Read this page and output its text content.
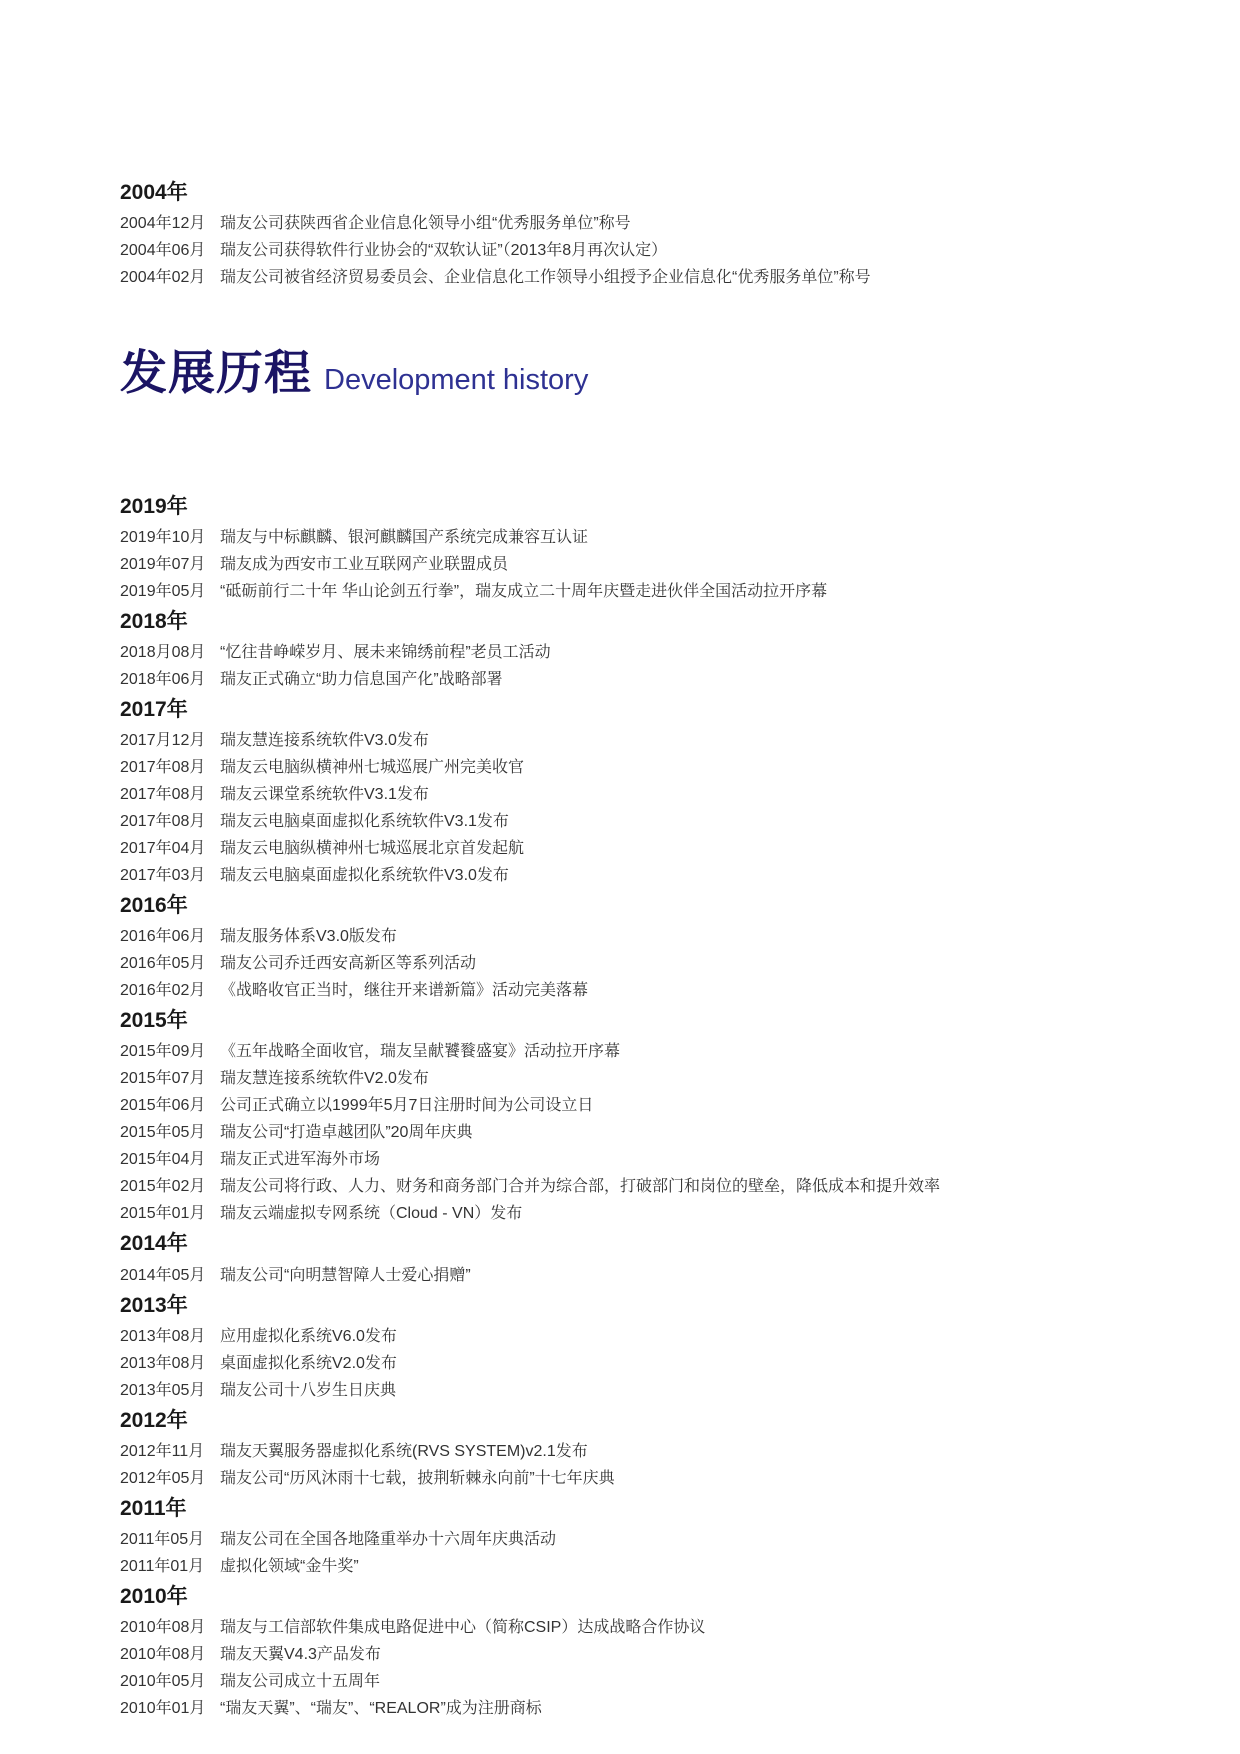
2004年
2004年12月 瑞友公司获陕西省企业信息化领导小组“优秀服务单位”称号
2004年06月 瑞友公司获得软件行业协会的“双软认证”（2013年8月再次认定）
2004年02月 瑞友公司被省经济贸易委员会、企业信息化工作领导小组授予企业信息化“优秀服务单位”称号
发展历程 Development history
2019年
2019年10月 瑞友与中标麒麟、银河麒麟国产系统完成兼容互认证
2019年07月 瑞友成为西安市工业互联网产业联盟成员
2019年05月 “砥砺前行二十年 华山论剑五行拳”，瑞友成立二十周年庆暨走进伙伴全国活动拉开序幕
2018年
2018月08月 “忆往昔峥嵘岁月、展未来锦绣前程”老员工活动
2018年06月 瑞友正式确立“助力信息国产化”战略部署
2017年
2017月12月 瑞友慧连接系统软件V3.0发布
2017年08月 瑞友云电脑纵横神州七城巡展广州完美收官
2017年08月 瑞友云课堂系统软件V3.1发布
2017年08月 瑞友云电脑桌面虚拟化系统软件V3.1发布
2017年04月 瑞友云电脑纵横神州七城巡展北京首发起航
2017年03月 瑞友云电脑桌面虚拟化系统软件V3.0发布
2016年
2016年06月 瑞友服务体系V3.0版发布
2016年05月 瑞友公司乔迁西安高新区等系列活动
2016年02月 《战略收官正当时，继往开来谱新篇》活动完美落幕
2015年
2015年09月 《五年战略全面收官，瑞友呈献饕餮盛宴》活动拉开序幕
2015年07月 瑞友慧连接系统软件V2.0发布
2015年06月 公司正式确立以1999年5月7日注册时间为公司设立日
2015年05月 瑞友公司“打造卓越团队”20周年庆典
2015年04月 瑞友正式进军海外市场
2015年02月 瑞友公司将行政、人力、财务和商务部门合并为综合部，打破部门和岗位的壁垒，降低成本和提升效率
2015年01月 瑞友云端虚拟专网系统（Cloud - VN）发布
2014年
2014年05月 瑞友公司“向明慧智障人士爱心捐赠”
2013年
2013年08月 应用虚拟化系统V6.0发布
2013年08月 桌面虚拟化系统V2.0发布
2013年05月 瑞友公司十八岁生日庆典
2012年
2012年11月 瑞友天翼服务器虚拟化系统(RVS SYSTEM)v2.1发布
2012年05月 瑞友公司“历风沐雨十七载，披荆斩棘永向前”十七年庆典
2011年
2011年05月 瑞友公司在全国各地隆重举办十六周年庆典活动
2011年01月 虚拟化领域“金牛奖”
2010年
2010年08月 瑞友与工信部软件集成电路促进中心（简称CSIP）达成战略合作协议
2010年08月 瑞友天翼V4.3产品发布
2010年05月 瑞友公司成立十五周年
2010年01月 “瑞友天翼”、“瑞友”、“REALOR”成为注册商标
